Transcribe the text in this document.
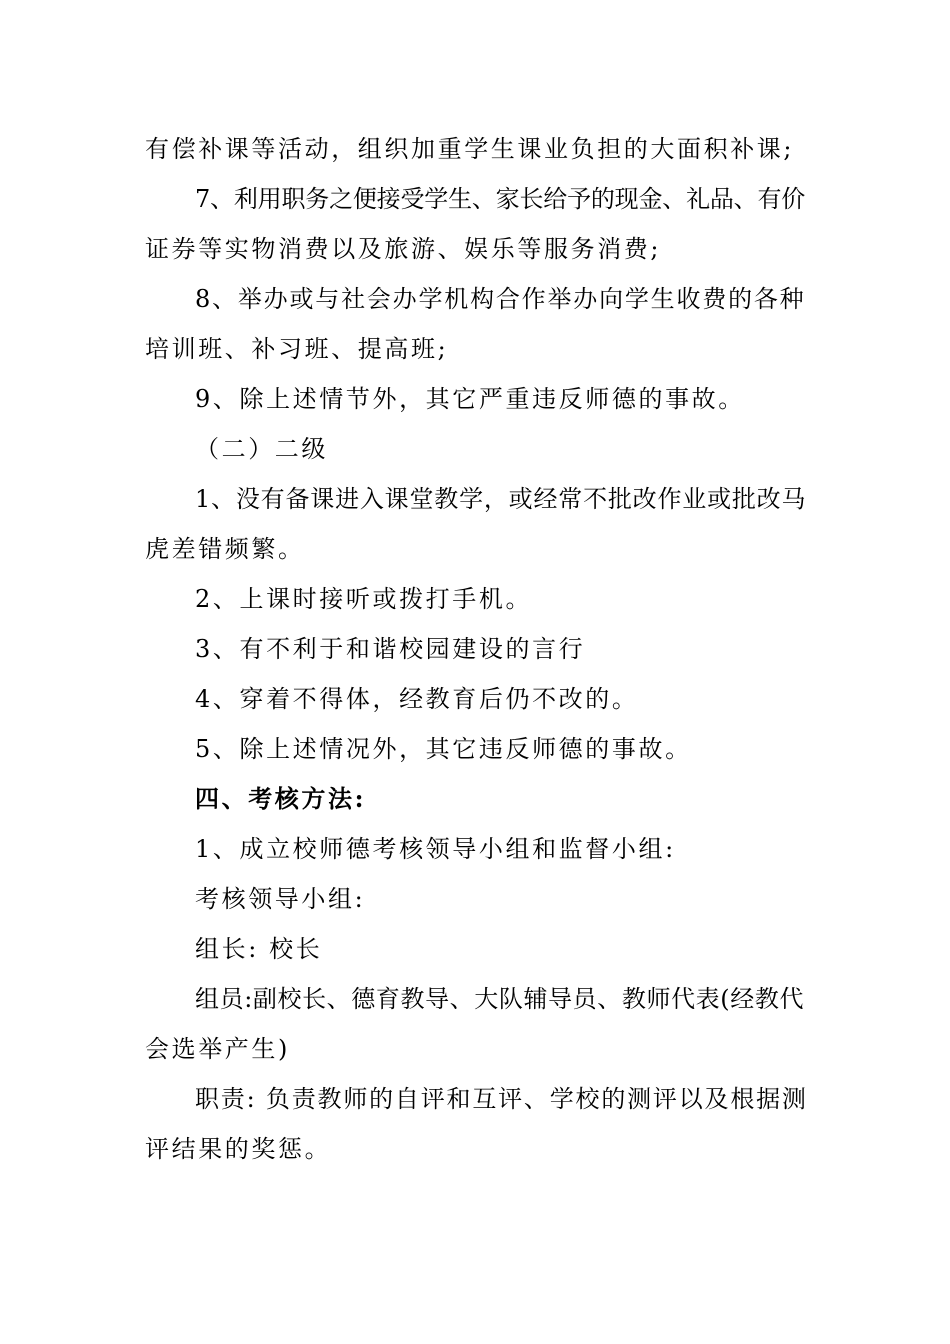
有偿补课等活动，组织加重学生课业负担的大面积补课;
7、利用职务之便接受学生、家长给予的现金、礼品、有价
证券等实物消费以及旅游、娱乐等服务消费;
8、举办或与社会办学机构合作举办向学生收费的各种
培训班、补习班、提高班;
9、除上述情节外，其它严重违反师德的事故。
（二）二级
1、没有备课进入课堂教学，或经常不批改作业或批改马
虎差错频繁。
2、上课时接听或拨打手机。
3、有不利于和谐校园建设的言行
4、穿着不得体，经教育后仍不改的。
5、除上述情况外，其它违反师德的事故。
四、考核方法:
1、成立校师德考核领导小组和监督小组:
考核领导小组:
组长: 校长
组员:副校长、德育教导、大队辅导员、教师代表(经教代
会选举产生)
职责: 负责教师的自评和互评、学校的测评以及根据测
评结果的奖惩。
